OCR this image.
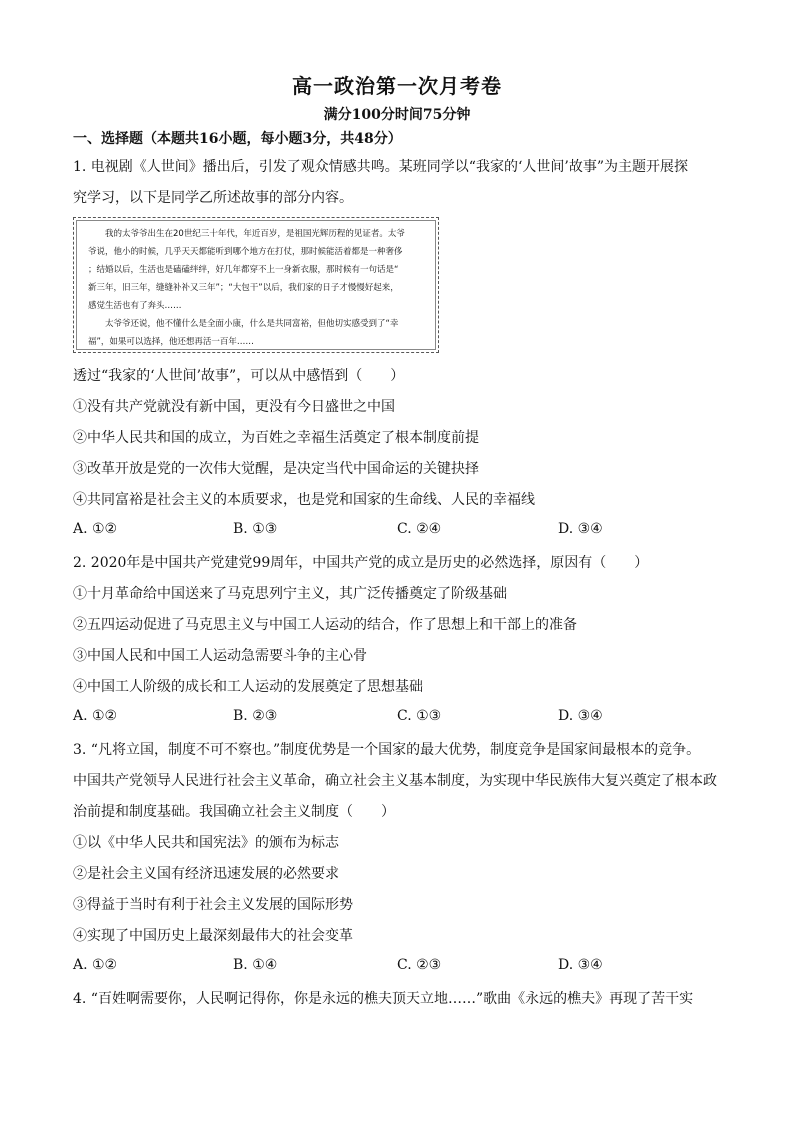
高一政治第一次月考卷
满分100分时间75分钟
一、选择题（本题共16小题，每小题3分，共48分）
1. 电视剧《人世间》播出后，引发了观众情感共鸣。某班同学以“我家的‘人世间’故事”为主题开展探
究学习，以下是同学乙所述故事的部分内容。

　　我的太爷爷出生在20世纪三十年代，年近百岁，是祖国光辉历程的见证者。太爷

爷说，他小的时候，几乎天天都能听到哪个地方在打仗，那时候能活着都是一种奢侈

；结婚以后，生活也是磕磕绊绊，好几年都穿不上一身新衣服，那时候有一句话是“

新三年，旧三年，缝缝补补又三年”；“大包干”以后，我们家的日子才慢慢好起来，

感觉生活也有了奔头……

　　太爷爷还说，他不懂什么是全面小康，什么是共同富裕，但他切实感受到了“幸

福”，如果可以选择，他还想再活一百年……

透过“我家的‘人世间’故事”，可以从中感悟到（　　）
①没有共产党就没有新中国，更没有今日盛世之中国
②中华人民共和国的成立，为百姓之幸福生活奠定了根本制度前提
③改革开放是党的一次伟大觉醒，是决定当代中国命运的关键抉择
④共同富裕是社会主义的本质要求，也是党和国家的生命线、人民的幸福线
A. ①②	B. ①③	C. ②④	D. ③④
2. 2020年是中国共产党建党99周年，中国共产党的成立是历史的必然选择，原因有（　　）
①十月革命给中国送来了马克思列宁主义，其广泛传播奠定了阶级基础
②五四运动促进了马克思主义与中国工人运动的结合，作了思想上和干部上的准备
③中国人民和中国工人运动急需要斗争的主心骨
④中国工人阶级的成长和工人运动的发展奠定了思想基础
A. ①②	B. ②③	C. ①③	D. ③④
3. “凡将立国，制度不可不察也。”制度优势是一个国家的最大优势，制度竞争是国家间最根本的竞争。
中国共产党领导人民进行社会主义革命，确立社会主义基本制度，为实现中华民族伟大复兴奠定了根本政
治前提和制度基础。我国确立社会主义制度（　　）
①以《中华人民共和国宪法》的颁布为标志
②是社会主义国有经济迅速发展的必然要求
③得益于当时有利于社会主义发展的国际形势
④实现了中国历史上最深刻最伟大的社会变革
A. ①②	B. ①④	C. ②③	D. ③④
4. “百姓啊需要你，人民啊记得你，你是永远的樵夫顶天立地……”歌曲《永远的樵夫》再现了苦干实
